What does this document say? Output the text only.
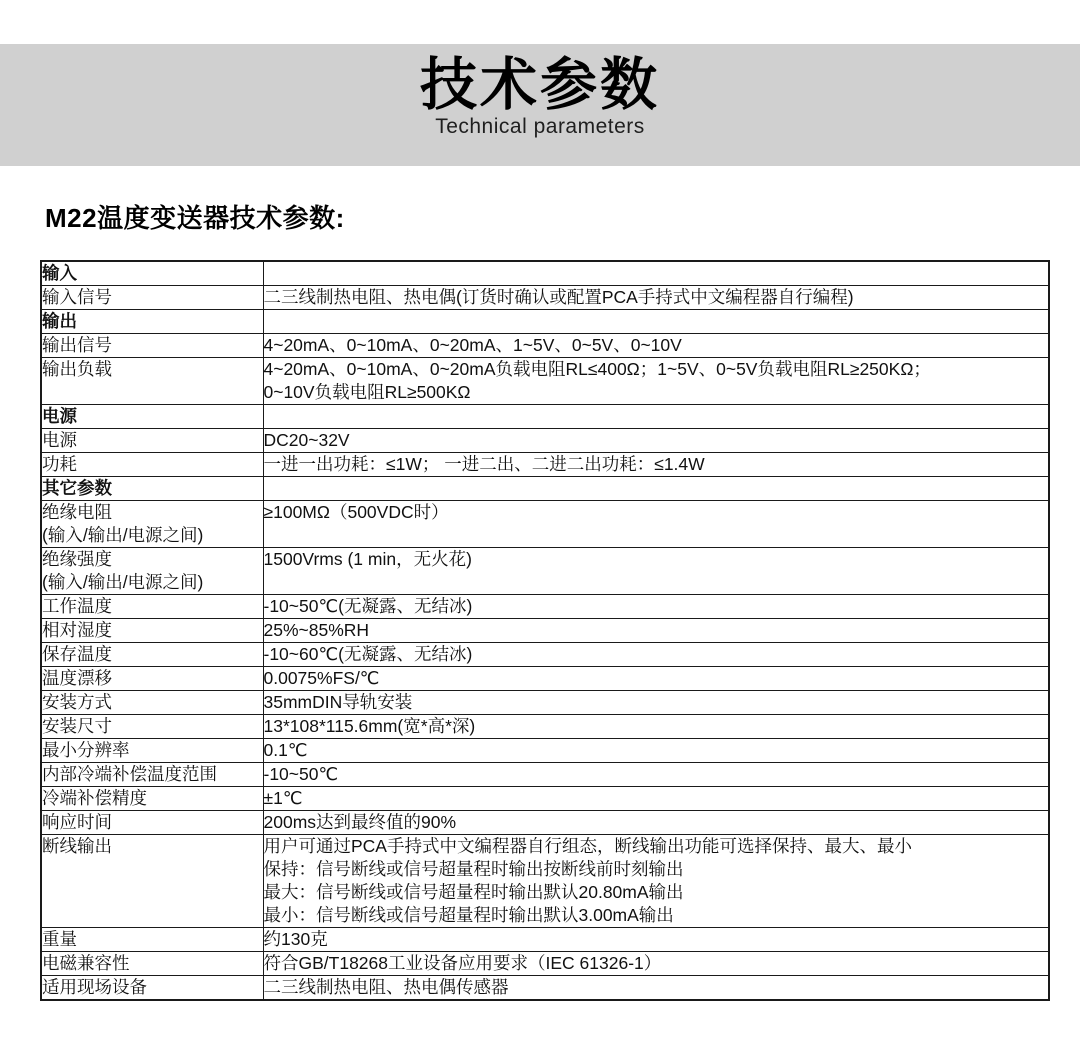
技术参数
Technical parameters
M22温度变送器技术参数:
输入	

输入信号	二三线制热电阻、热电偶(订货时确认或配置PCA手持式中文编程器自行编程)

输出	

输出信号	4~20mA、0~10mA、0~20mA、1~5V、0~5V、0~10V

输出负载	4~20mA、0~10mA、0~20mA负载电阻RL≤400Ω；1~5V、0~5V负载电阻RL≥250KΩ；
0~10V负载电阻RL≥500KΩ

电源	

电源	DC20~32V

功耗	一进一出功耗：≤1W； 一进二出、二进二出功耗：≤1.4W

其它参数	

绝缘电阻
(输入/输出/电源之间)	≥100MΩ（500VDC时）

绝缘强度
(输入/输出/电源之间)	1500Vrms (1 min，无火花)

工作温度	-10~50℃(无凝露、无结冰)

相对湿度	25%~85%RH

保存温度	-10~60℃(无凝露、无结冰)

温度漂移	0.0075%FS/℃

安装方式	35mmDIN导轨安装

安装尺寸	13*108*115.6mm(宽*高*深)

最小分辨率	0.1℃

内部冷端补偿温度范围	-10~50℃

冷端补偿精度	±1℃

响应时间	200ms达到最终值的90%

断线输出	用户可通过PCA手持式中文编程器自行组态，断线输出功能可选择保持、最大、最小
保持：信号断线或信号超量程时输出按断线前时刻输出
最大：信号断线或信号超量程时输出默认20.80mA输出
最小：信号断线或信号超量程时输出默认3.00mA输出

重量	约130克

电磁兼容性	符合GB/T18268工业设备应用要求（IEC 61326-1）

适用现场设备	二三线制热电阻、热电偶传感器
